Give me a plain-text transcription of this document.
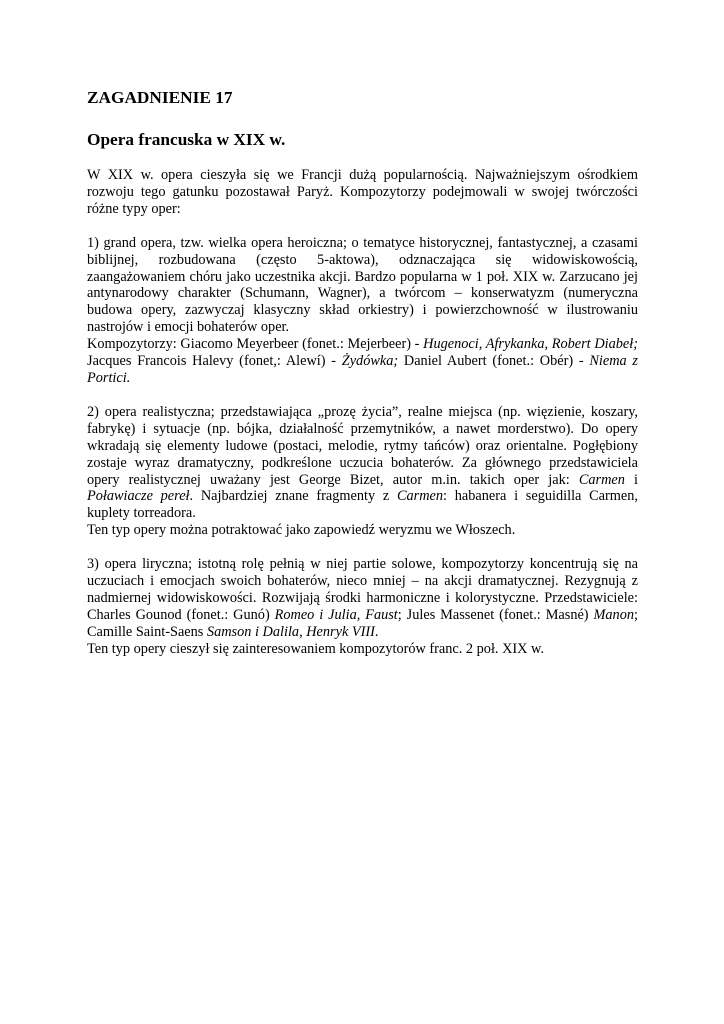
ZAGADNIENIE 17
Opera francuska w XIX w.

W XIX w. opera cieszyła się we Francji dużą popularnością. Najważniejszym ośrodkiem rozwoju tego gatunku pozostawał Paryż. Kompozytorzy podejmowali w swojej twórczości różne typy oper:

1) grand opera, tzw. wielka opera heroiczna; o tematyce historycznej, fantastycznej, a czasami biblijnej, rozbudowana (często 5-aktowa), odznaczająca się widowiskowością, zaangażowaniem chóru jako uczestnika akcji. Bardzo popularna w 1 poł. XIX w. Zarzucano jej antynarodowy charakter (Schumann, Wagner), a twórcom – konserwatyzm (numeryczna budowa opery, zazwyczaj klasyczny skład orkiestry) i powierzchowność w ilustrowaniu nastrojów i emocji bohaterów oper.

Kompozytorzy: Giacomo Meyerbeer (fonet.: Mejerbeer) - Hugenoci, Afrykanka, Robert Diabeł; Jacques Francois Halevy (fonet,: Alewí) - Żydówka; Daniel Aubert (fonet.: Obér) - Niema z Portici.

2) opera realistyczna; przedstawiająca „prozę życia”, realne miejsca (np. więzienie, koszary, fabrykę) i sytuacje (np. bójka, działalność przemytników, a nawet morderstwo). Do opery wkradają się elementy ludowe (postaci, melodie, rytmy tańców) oraz orientalne. Pogłębiony zostaje wyraz dramatyczny, podkreślone uczucia bohaterów. Za głównego przedstawiciela opery realistycznej uważany jest George Bizet, autor m.in. takich oper jak: Carmen i Poławiacze pereł. Najbardziej znane fragmenty z Carmen: habanera i seguidilla Carmen, kuplety torreadora.

Ten typ opery można potraktować jako zapowiedź weryzmu we Włoszech.

3) opera liryczna; istotną rolę pełnią w niej partie solowe, kompozytorzy koncentrują się na uczuciach i emocjach swoich bohaterów, nieco mniej – na akcji dramatycznej. Rezygnują z nadmiernej widowiskowości. Rozwijają środki harmoniczne i kolorystyczne. Przedstawiciele: Charles Gounod (fonet.: Gunó) Romeo i Julia, Faust; Jules Massenet (fonet.: Masné) Manon; Camille Saint-Saens Samson i Dalila, Henryk VIII.

Ten typ opery cieszył się zainteresowaniem kompozytorów franc. 2 poł. XIX w.
